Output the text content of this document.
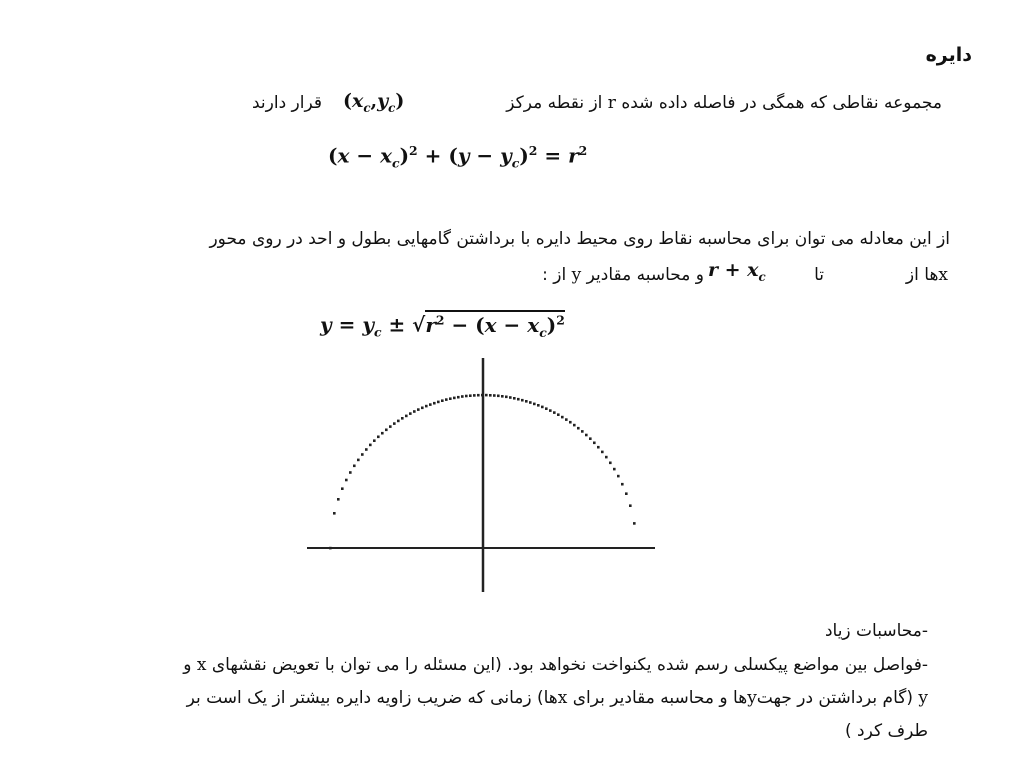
دایره
مجموعه نقاطی که همگی در فاصله داده شده r از نقطه مرکز
قرار دارند $(x_c,y_c)$
$(x - x_c)^2 + (y - y_c)^2 = r^2$
از این معادله می توان برای محاسبه نقاط روی محیط دایره با برداشتن گامهایی بطول و احد در روی محور
xها از
تا
$r + x_c$
و محاسبه مقادیر y از :
$y = y_c \pm √r^2 - (x - x_c)^2$
-محاسبات زیاد
-فواصل بین مواضع پیکسلی رسم شده یکنواخت نخواهد بود. (این مسئله را می توان با تعویض نقشهای x و
y (گام برداشتن در جهتyها و محاسبه مقادیر برای xها) زمانی که ضریب زاویه دایره بیشتر از یک است بر
طرف کرد )
